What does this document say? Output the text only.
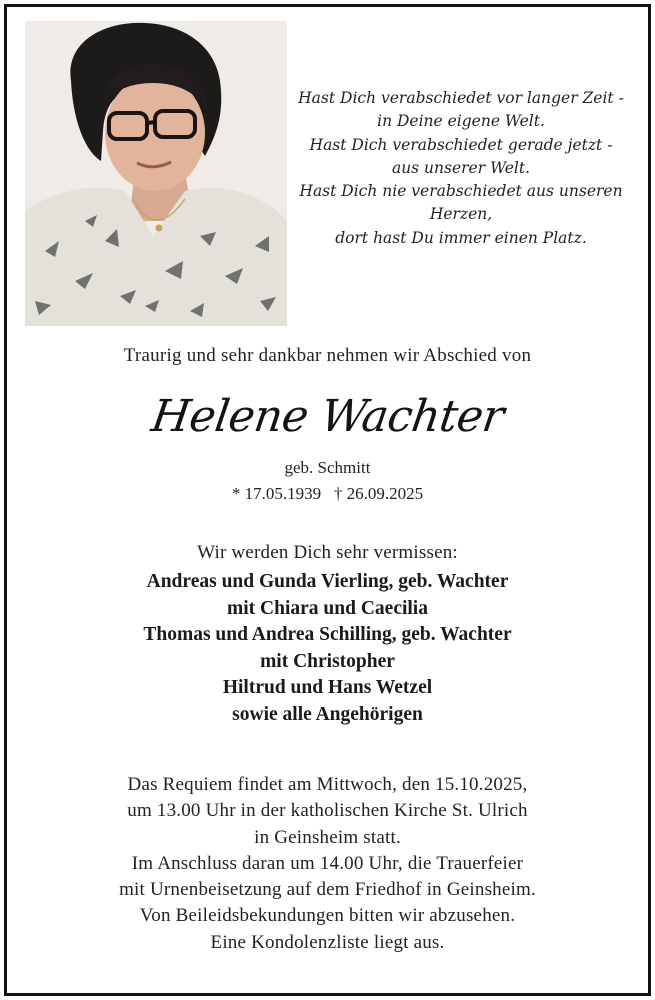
Hast Dich verabschiedet vor langer Zeit -
in Deine eigene Welt.
Hast Dich verabschiedet gerade jetzt -
aus unserer Welt.
Hast Dich nie verabschiedet aus unseren
Herzen,
dort hast Du immer einen Platz.
Traurig und sehr dankbar nehmen wir Abschied von
Helene Wachter
geb. Schmitt
* 17.05.1939 † 26.09.2025
Wir werden Dich sehr vermissen:
Andreas und Gunda Vierling, geb. Wachter
mit Chiara und Caecilia
Thomas und Andrea Schilling, geb. Wachter
mit Christopher
Hiltrud und Hans Wetzel
sowie alle Angehörigen
Das Requiem findet am Mittwoch, den 15.10.2025,
um 13.00 Uhr in der katholischen Kirche St. Ulrich
in Geinsheim statt.
Im Anschluss daran um 14.00 Uhr, die Trauerfeier
mit Urnenbeisetzung auf dem Friedhof in Geinsheim.
Von Beileidsbekundungen bitten wir abzusehen.
Eine Kondolenzliste liegt aus.
